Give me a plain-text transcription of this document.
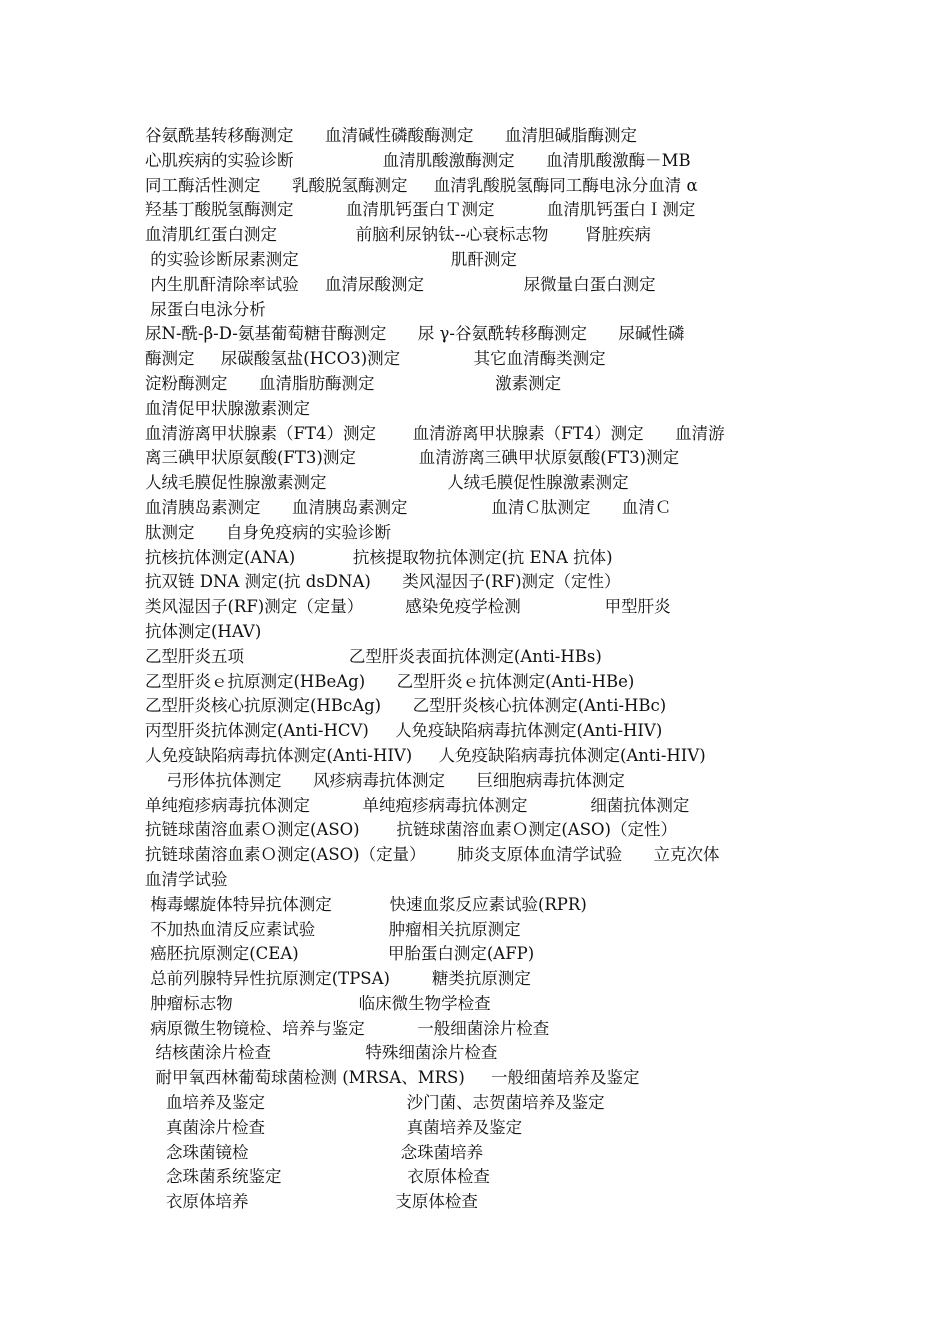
谷氨酰基转移酶测定      血清碱性磷酸酶测定      血清胆碱脂酶测定
心肌疾病的实验诊断                 血清肌酸激酶测定      血清肌酸激酶－MB
同工酶活性测定      乳酸脱氢酶测定     血清乳酸脱氢酶同工酶电泳分血清 α
羟基丁酸脱氢酶测定          血清肌钙蛋白Ｔ测定          血清肌钙蛋白Ｉ测定
血清肌红蛋白测定               前脑利尿钠钛--心衰标志物       肾脏疾病
的实验诊断尿素测定                             肌酐测定
内生肌酐清除率试验     血清尿酸测定                   尿微量白蛋白测定
尿蛋白电泳分析
尿N-酰-β-D-氨基葡萄糖苷酶测定      尿 γ-谷氨酰转移酶测定      尿碱性磷
酶测定     尿碳酸氢盐(HCO3)测定              其它血清酶类测定
淀粉酶测定      血清脂肪酶测定                       激素测定
血清促甲状腺激素测定
血清游离甲状腺素（FT4）测定       血清游离甲状腺素（FT4）测定      血清游
离三碘甲状原氨酸(FT3)测定            血清游离三碘甲状原氨酸(FT3)测定
人绒毛膜促性腺激素测定                       人绒毛膜促性腺激素测定
血清胰岛素测定      血清胰岛素测定                血清Ｃ肽测定      血清Ｃ
肽测定      自身免疫病的实验诊断
抗核抗体测定(ANA)           抗核提取物抗体测定(抗 ENA 抗体)
抗双链 DNA 测定(抗 dsDNA)      类风湿因子(RF)测定（定性）
类风湿因子(RF)测定（定量）        感染免疫学检测                甲型肝炎
抗体测定(HAV)
乙型肝炎五项                    乙型肝炎表面抗体测定(Anti-HBs)
乙型肝炎ｅ抗原测定(HBeAg)      乙型肝炎ｅ抗体测定(Anti-HBe)
乙型肝炎核心抗原测定(HBcAg)      乙型肝炎核心抗体测定(Anti-HBc)
丙型肝炎抗体测定(Anti-HCV)     人免疫缺陷病毒抗体测定(Anti-HIV)
人免疫缺陷病毒抗体测定(Anti-HIV)     人免疫缺陷病毒抗体测定(Anti-HIV)
弓形体抗体测定      风疹病毒抗体测定      巨细胞病毒抗体测定
单纯疱疹病毒抗体测定          单纯疱疹病毒抗体测定            细菌抗体测定
抗链球菌溶血素Ｏ测定(ASO)       抗链球菌溶血素Ｏ测定(ASO)（定性）
抗链球菌溶血素Ｏ测定(ASO)（定量）      肺炎支原体血清学试验      立克次体
血清学试验
梅毒螺旋体特异抗体测定           快速血浆反应素试验(RPR)
不加热血清反应素试验              肿瘤相关抗原测定
癌胚抗原测定(CEA)                 甲胎蛋白测定(AFP)
总前列腺特异性抗原测定(TPSA)        糖类抗原测定
肿瘤标志物                        临床微生物学检查
病原微生物镜检、培养与鉴定          一般细菌涂片检查
结核菌涂片检查                  特殊细菌涂片检查
耐甲氧西林葡萄球菌检测 (MRSA、MRS)     一般细菌培养及鉴定
血培养及鉴定                           沙门菌、志贺菌培养及鉴定
真菌涂片检查                           真菌培养及鉴定
念珠菌镜检                             念珠菌培养
念珠菌系统鉴定                        衣原体检查
衣原体培养                            支原体检查
